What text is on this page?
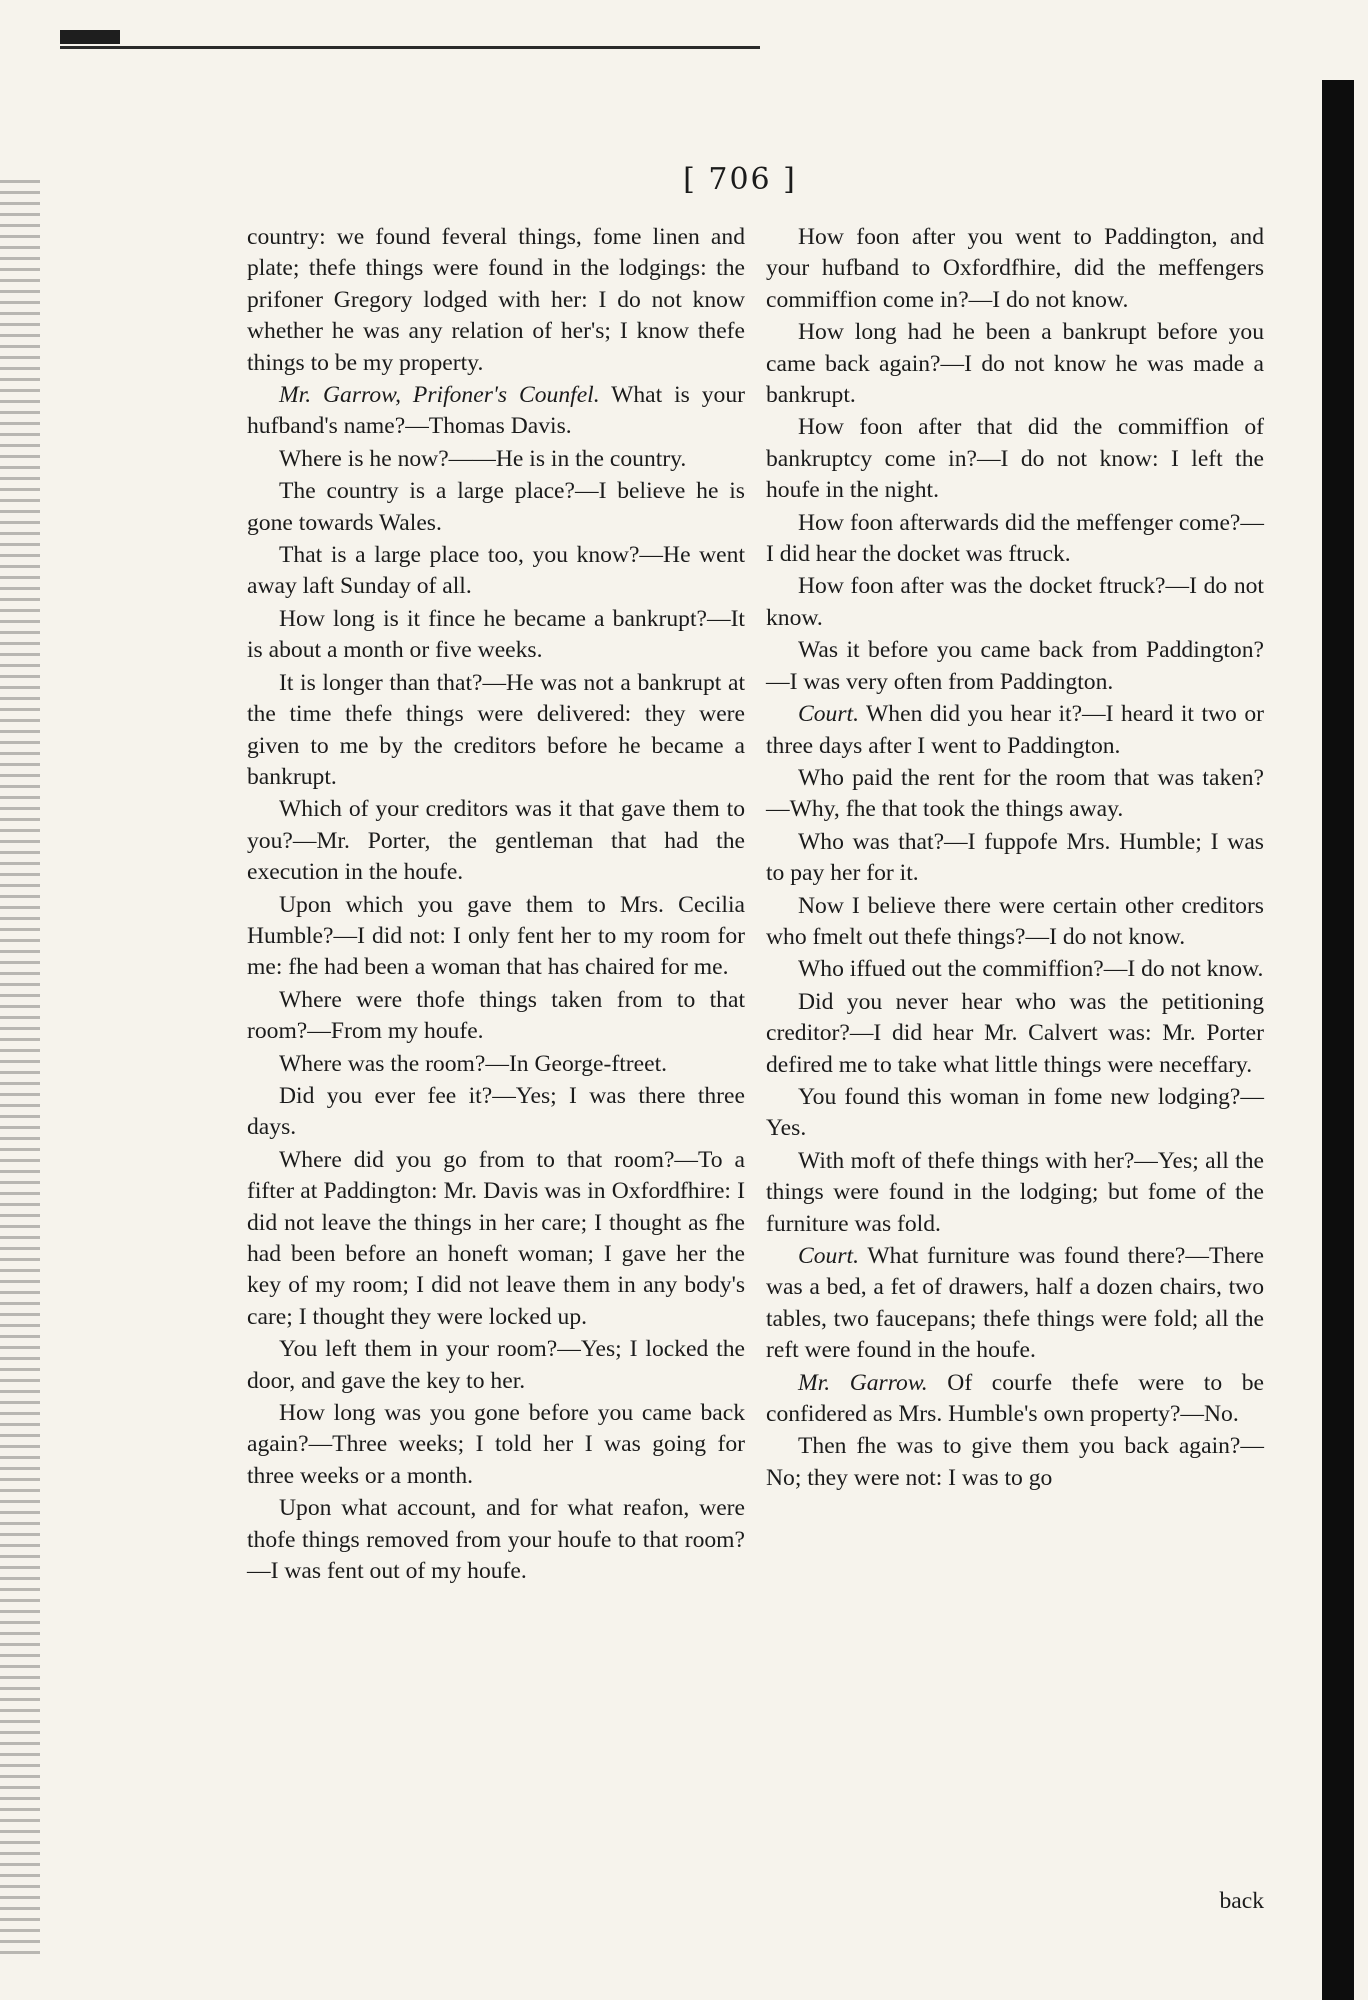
[ 706 ]

country: we found feveral things, fome linen and plate; thefe things were found in the lodgings: the prifoner Gregory lodged with her: I do not know whether he was any relation of her's; I know thefe things to be my property.

Mr. Garrow, Prifoner's Counfel. What is your hufband's name?—Thomas Davis.

Where is he now?——He is in the country.

The country is a large place?—I believe he is gone towards Wales.

That is a large place too, you know?—He went away laft Sunday of all.

How long is it fince he became a bankrupt?—It is about a month or five weeks.

It is longer than that?—He was not a bankrupt at the time thefe things were delivered: they were given to me by the creditors before he became a bankrupt.

Which of your creditors was it that gave them to you?—Mr. Porter, the gentleman that had the execution in the houfe.

Upon which you gave them to Mrs. Cecilia Humble?—I did not: I only fent her to my room for me: fhe had been a woman that has chaired for me.

Where were thofe things taken from to that room?—From my houfe.

Where was the room?—In George-ftreet.

Did you ever fee it?—Yes; I was there three days.

Where did you go from to that room?—To a fifter at Paddington: Mr. Davis was in Oxfordfhire: I did not leave the things in her care; I thought as fhe had been before an honeft woman; I gave her the key of my room; I did not leave them in any body's care; I thought they were locked up.

You left them in your room?—Yes; I locked the door, and gave the key to her.

How long was you gone before you came back again?—Three weeks; I told her I was going for three weeks or a month.

Upon what account, and for what reafon, were thofe things removed from your houfe to that room?—I was fent out of my houfe.

How foon after you went to Paddington, and your hufband to Oxfordfhire, did the meffengers commiffion come in?—I do not know.

How long had he been a bankrupt before you came back again?—I do not know he was made a bankrupt.

How foon after that did the commiffion of bankruptcy come in?—I do not know: I left the houfe in the night.

How foon afterwards did the meffenger come?—I did hear the docket was ftruck.

How foon after was the docket ftruck?—I do not know.

Was it before you came back from Paddington?—I was very often from Paddington.

Court. When did you hear it?—I heard it two or three days after I went to Paddington.

Who paid the rent for the room that was taken?—Why, fhe that took the things away.

Who was that?—I fuppofe Mrs. Humble; I was to pay her for it.

Now I believe there were certain other creditors who fmelt out thefe things?—I do not know.

Who iffued out the commiffion?—I do not know.

Did you never hear who was the petitioning creditor?—I did hear Mr. Calvert was: Mr. Porter defired me to take what little things were neceffary.

You found this woman in fome new lodging?—Yes.

With moft of thefe things with her?—Yes; all the things were found in the lodging; but fome of the furniture was fold.

Court. What furniture was found there?—There was a bed, a fet of drawers, half a dozen chairs, two tables, two faucepans; thefe things were fold; all the reft were found in the houfe.

Mr. Garrow. Of courfe thefe were to be confidered as Mrs. Humble's own property?—No.

Then fhe was to give them you back again?—No; they were not: I was to go

back
